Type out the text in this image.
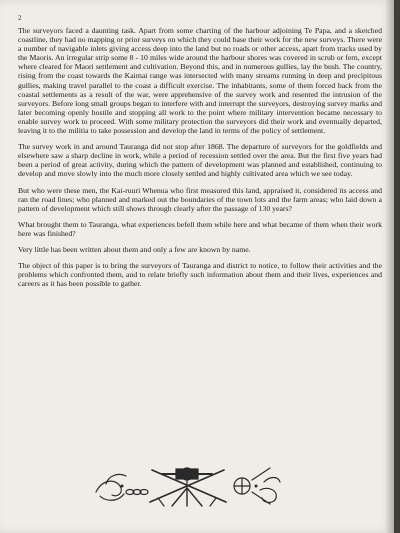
2

The surveyors faced a daunting task. Apart from some charting of the harbour adjoining Te Papa, and a sketched coastline, they had no mapping or prior surveys on which they could base their work for the new surveys. There were a number of navigable inlets giving access deep into the land but no roads or other access, apart from tracks used by the Maoris. An irregular strip some 8 - 10 miles wide around the harbour shores was covered in scrub or fern, except where cleared for Maori settlement and cultivation. Beyond this, and in numerous gullies, lay the bush. The country, rising from the coast towards the Kaimai range was intersected with many streams running in deep and precipitous gullies, making travel parallel to the coast a difficult exercise. The inhabitants, some of them forced back from the coastal settlements as a result of the war, were apprehensive of the survey work and resented the intrusion of the surveyors. Before long small groups began to interfere with and interrupt the surveyors, destroying survey marks and later becoming openly hostile and stopping all work to the point where military intervention became necessary to enable survey work to proceed. With some military protection the surveyors did their work and eventually departed, leaving it to the militia to take possession and develop the land in terms of the policy of settlement.

The survey work in and around Tauranga did not stop after 1868. The departure of surveyors for the goldfields and elsewhere saw a sharp decline in work, while a period of recession settled over the area. But the first five years had been a period of great activity, during which the pattern of development was planned and established, continuing to develop and move slowly into the much more closely settled and highly cultivated area which we see today.

But who were these men, the Kai-ruuri Whenua who first measured this land, appraised it, considered its access and ran the road lines; who planned and marked out the boundaries of the town lots and the farm areas; who laid down a pattern of development which still shows through clearly after the passage of 130 years?

What brought them to Tauranga, what experiences befell them while here and what became of them when their work here was finished?

Very little has been written about them and only a few are known by name.

The object of this paper is to bring the surveyors of Tauranga and district to notice, to follow their activities and the problems which confronted them, and to relate briefly such information about them and their lives, experiences and careers as it has been possible to gather.
